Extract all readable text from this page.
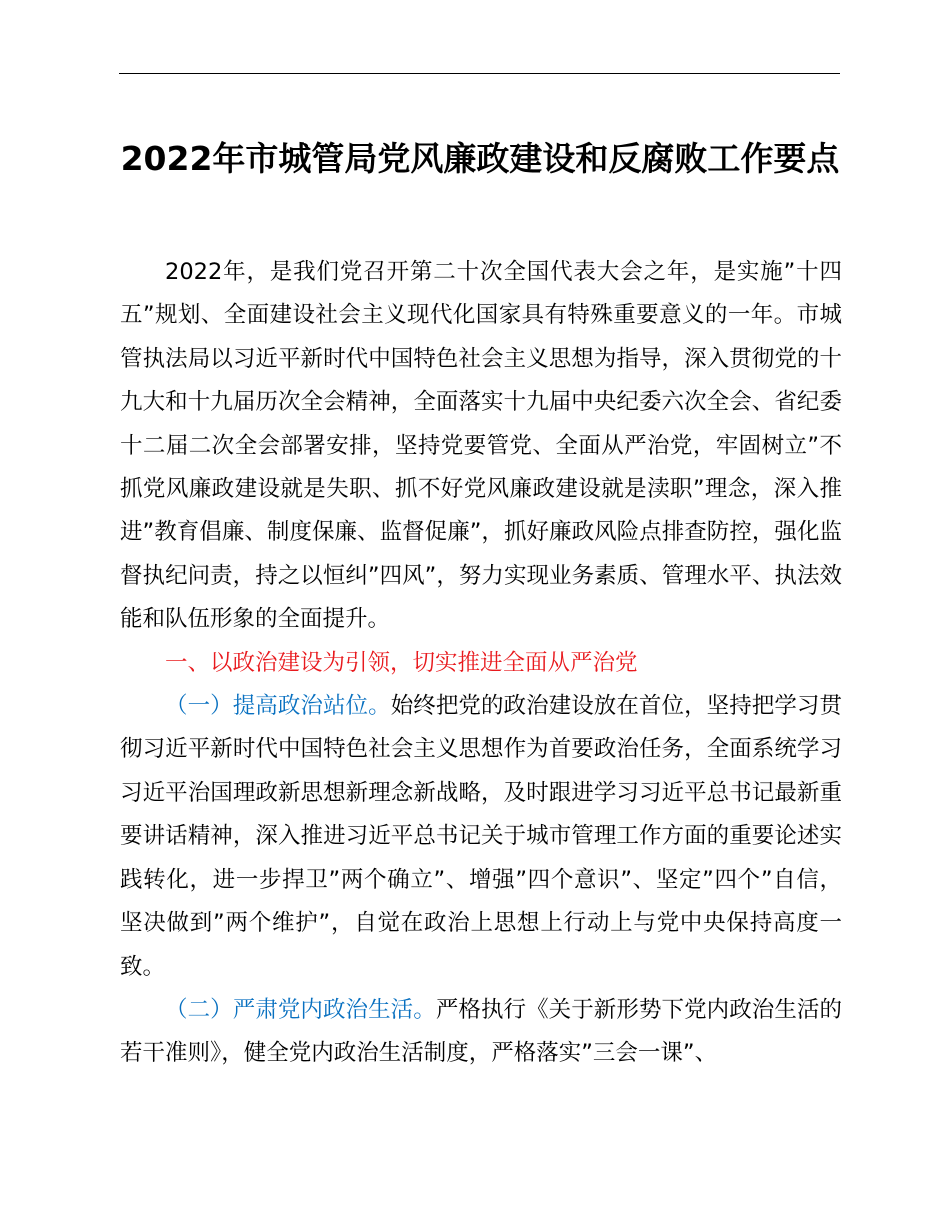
2022年市城管局党风廉政建设和反腐败工作要点

2022年，是我们党召开第二十次全国代表大会之年，是实施”十四五”规划、全面建设社会主义现代化国家具有特殊重要意义的一年。市城管执法局以习近平新时代中国特色社会主义思想为指导，深入贯彻党的十九大和十九届历次全会精神，全面落实十九届中央纪委六次全会、省纪委十二届二次全会部署安排，坚持党要管党、全面从严治党，牢固树立”不抓党风廉政建设就是失职、抓不好党风廉政建设就是渎职”理念，深入推进”教育倡廉、制度保廉、监督促廉”，抓好廉政风险点排查防控，强化监督执纪问责，持之以恒纠”四风”，努力实现业务素质、管理水平、执法效能和队伍形象的全面提升。

一、以政治建设为引领，切实推进全面从严治党

（一）提高政治站位。始终把党的政治建设放在首位，坚持把学习贯彻习近平新时代中国特色社会主义思想作为首要政治任务，全面系统学习习近平治国理政新思想新理念新战略，及时跟进学习习近平总书记最新重要讲话精神，深入推进习近平总书记关于城市管理工作方面的重要论述实践转化，进一步捍卫”两个确立”、增强”四个意识”、坚定”四个”自信，坚决做到”两个维护”，自觉在政治上思想上行动上与党中央保持高度一致。

（二）严肃党内政治生活。严格执行《关于新形势下党内政治生活的若干准则》，健全党内政治生活制度，严格落实”三会一课”、
